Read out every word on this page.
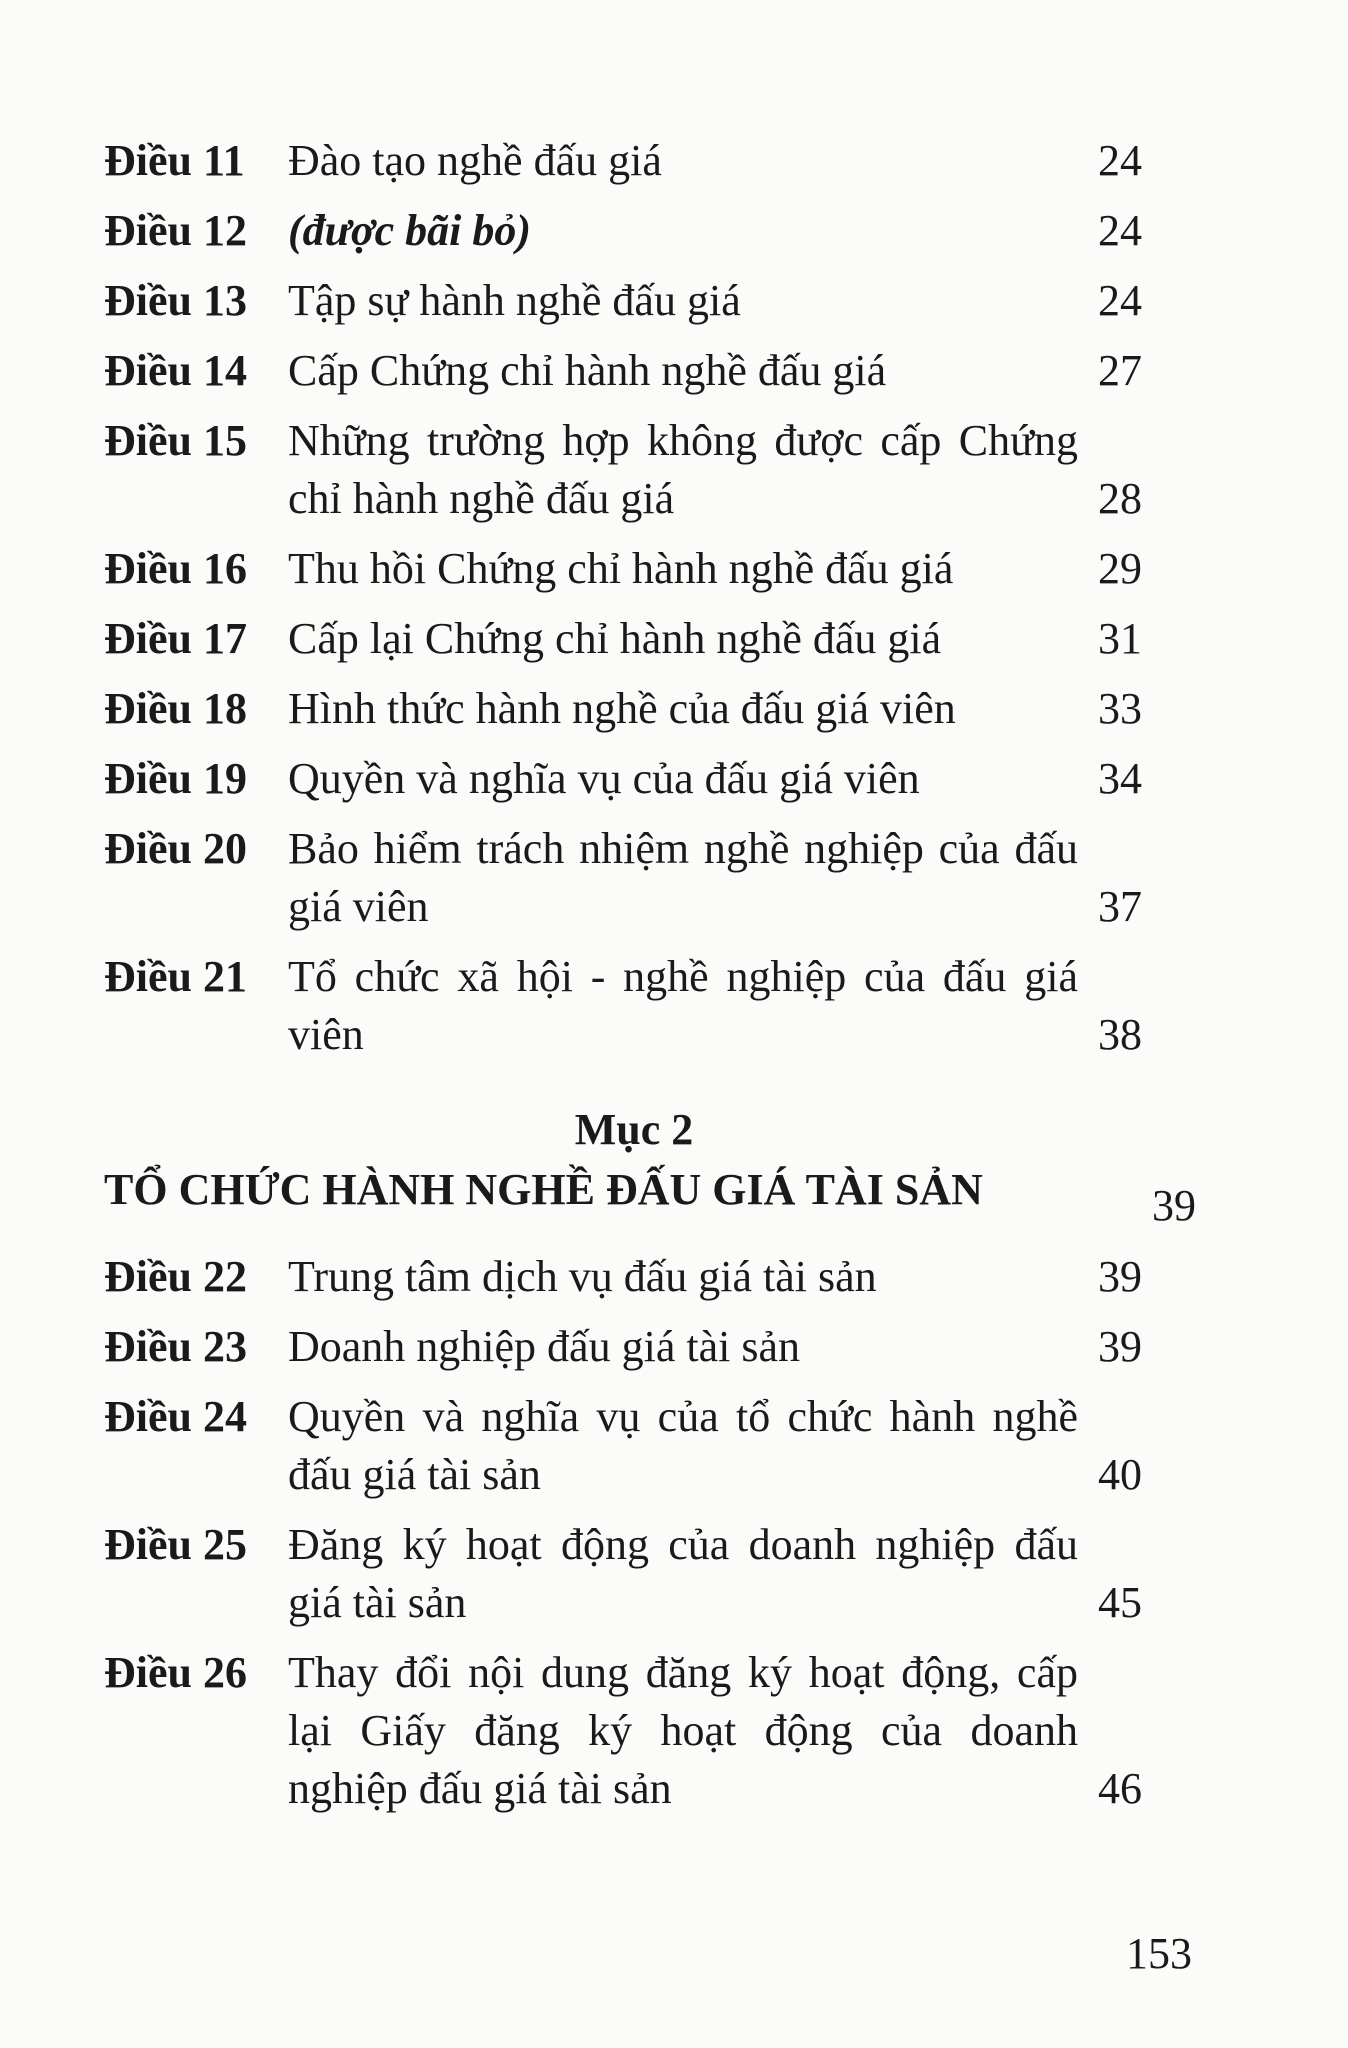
Điều 11 Đào tạo nghề đấu giá	24
Điều 12 (được bãi bỏ)	24
Điều 13 Tập sự hành nghề đấu giá	24
Điều 14 Cấp Chứng chỉ hành nghề đấu giá	27
Điều 15 Những trường hợp không được cấp Chứng chỉ hành nghề đấu giá	28
Điều 16 Thu hồi Chứng chỉ hành nghề đấu giá	29
Điều 17 Cấp lại Chứng chỉ hành nghề đấu giá	31
Điều 18 Hình thức hành nghề của đấu giá viên	33
Điều 19 Quyền và nghĩa vụ của đấu giá viên	34
Điều 20 Bảo hiểm trách nhiệm nghề nghiệp của đấu giá viên	37
Điều 21 Tổ chức xã hội - nghề nghiệp của đấu giá viên	38
Mục 2
TỔ CHỨC HÀNH NGHỀ ĐẤU GIÁ TÀI SẢN	39
Điều 22 Trung tâm dịch vụ đấu giá tài sản	39
Điều 23 Doanh nghiệp đấu giá tài sản	39
Điều 24 Quyền và nghĩa vụ của tổ chức hành nghề đấu giá tài sản	40
Điều 25 Đăng ký hoạt động của doanh nghiệp đấu giá tài sản	45
Điều 26 Thay đổi nội dung đăng ký hoạt động, cấp lại Giấy đăng ký hoạt động của doanh nghiệp đấu giá tài sản	46
153
